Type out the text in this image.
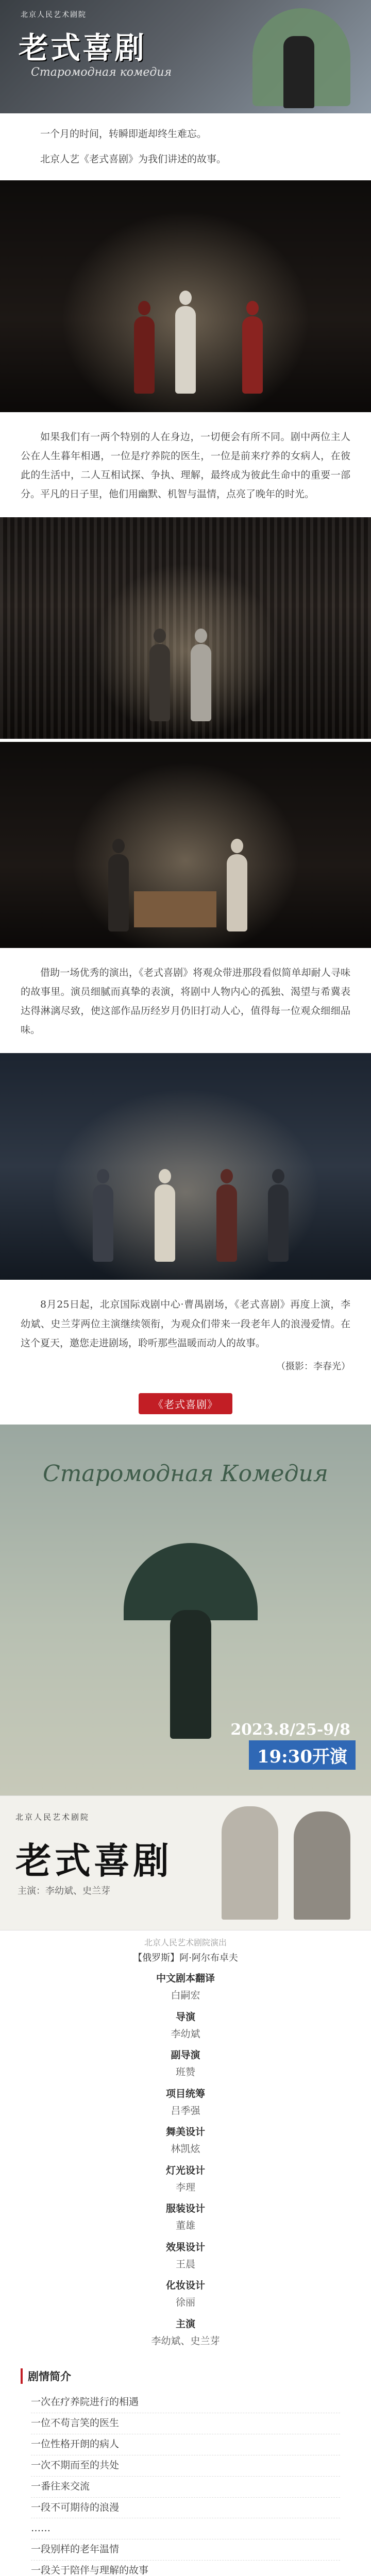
北京人民艺术剧院
老式喜剧
Старомодная комедия
一个月的时间，转瞬即逝却终生难忘。
北京人艺《老式喜剧》为我们讲述的故事。
如果我们有一两个特别的人在身边，一切便会有所不同。剧中两位主人公在人生暮年相遇，一位是疗养院的医生，一位是前来疗养的女病人，在彼此的生活中，二人互相试探、争执、理解，最终成为彼此生命中的重要一部分。平凡的日子里，他们用幽默、机智与温情，点亮了晚年的时光。
借助一场优秀的演出，《老式喜剧》将观众带进那段看似简单却耐人寻味的故事里。演员细腻而真挚的表演，将剧中人物内心的孤独、渴望与希冀表达得淋漓尽致，使这部作品历经岁月仍旧打动人心，值得每一位观众细细品味。
8月25日起，北京国际戏剧中心·曹禺剧场，《老式喜剧》再度上演，李幼斌、史兰芽两位主演继续领衔，为观众们带来一段老年人的浪漫爱情。在这个夏天，邀您走进剧场，聆听那些温暖而动人的故事。
（摄影：李春光）
《老式喜剧》
Старомодная Комедия
2023.8/25-9/8
19:30开演
北京人民艺术剧院
老式喜剧
主演：李幼斌、史兰芽
北京人民艺术剧院演出
【俄罗斯】阿·阿尔布卓夫
中文剧本翻译
白嗣宏
导演
李幼斌
副导演
班赞
项目统筹
吕季强
舞美设计
林凯炫
灯光设计
李理
服装设计
董雄
效果设计
王晨
化妆设计
徐丽
主演
李幼斌、史兰芽
剧情简介
一次在疗养院进行的相遇
一位不苟言笑的医生
一位性格开朗的病人
一次不期而至的共处
一番往来交流
一段不可期待的浪漫
……
一段别样的老年温情
一段关于陪伴与理解的故事
